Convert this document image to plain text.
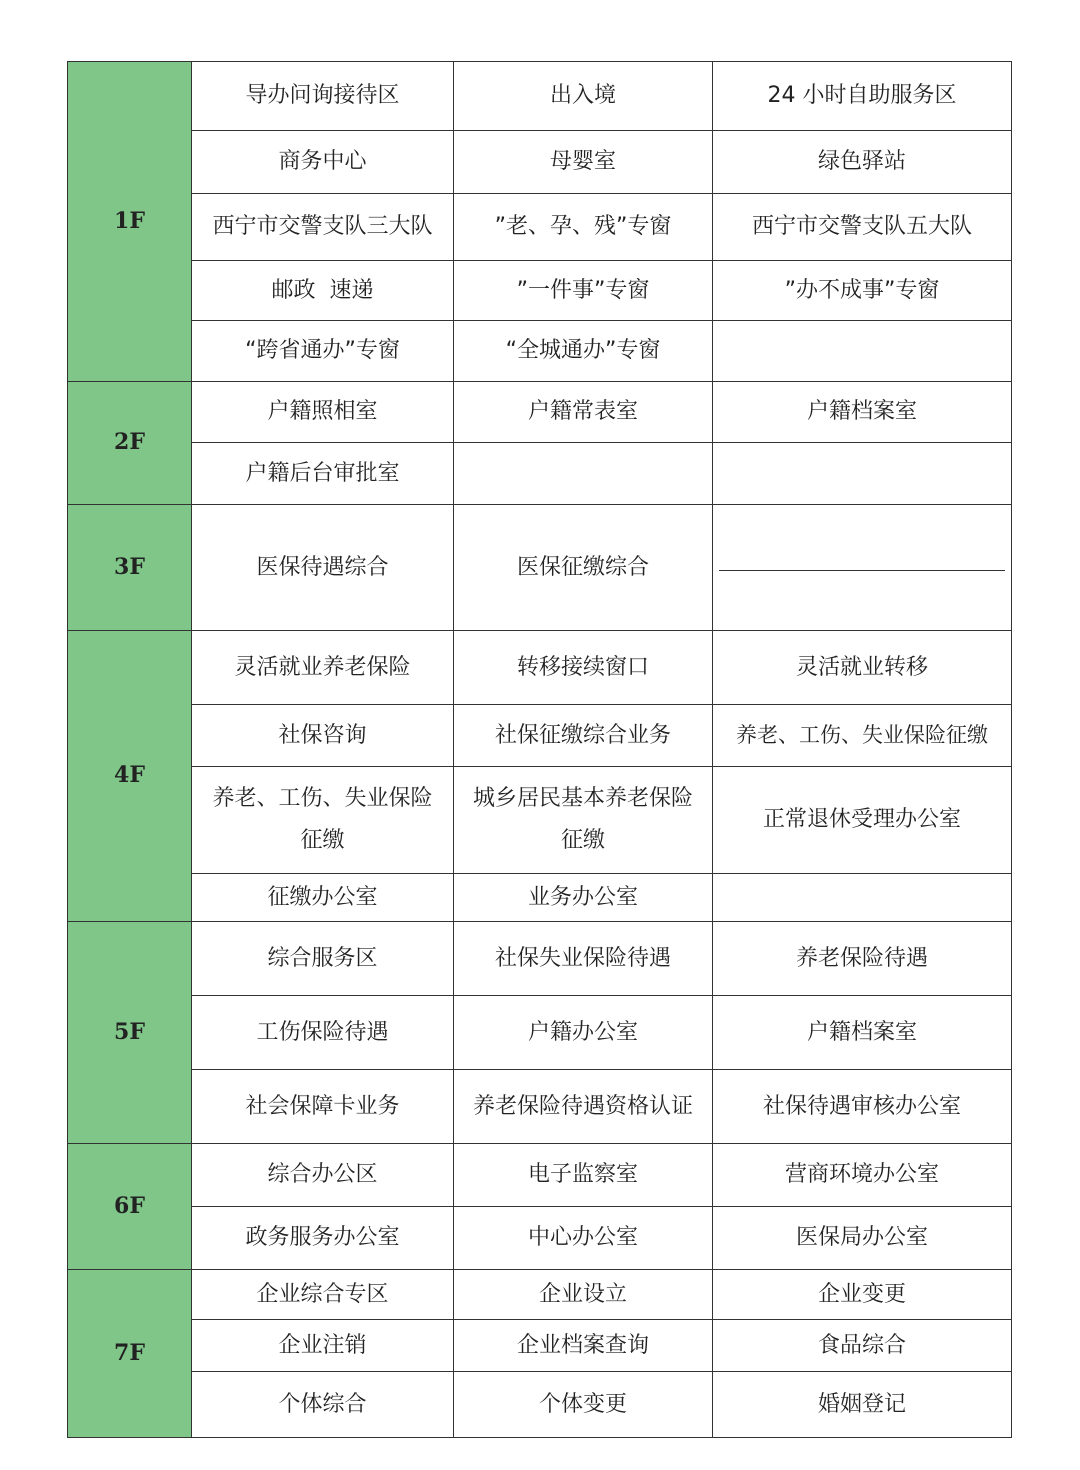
1F	导办问询接待区	出入境	24 小时自助服务区
	商务中心	母婴室	绿色驿站
	西宁市交警支队三大队	”老、孕、残”专窗	西宁市交警支队五大队
	邮政  速递	”一件事”专窗	”办不成事”专窗
	“跨省通办”专窗	“全城通办”专窗	
2F	户籍照相室	户籍常表室	户籍档案室
	户籍后台审批室		
3F	医保待遇综合	医保征缴综合	

4F	灵活就业养老保险	转移接续窗口	灵活就业转移
	社保咨询	社保征缴综合业务	养老、工伤、失业保险征缴
	养老、工伤、失业保险征缴	城乡居民基本养老保险征缴	正常退休受理办公室
	征缴办公室	业务办公室	
5F	综合服务区	社保失业保险待遇	养老保险待遇
	工伤保险待遇	户籍办公室	户籍档案室
	社会保障卡业务	养老保险待遇资格认证	社保待遇审核办公室
6F	综合办公区	电子监察室	营商环境办公室
	政务服务办公室	中心办公室	医保局办公室
7F	企业综合专区	企业设立	企业变更
	企业注销	企业档案查询	食品综合
	个体综合	个体变更	婚姻登记
